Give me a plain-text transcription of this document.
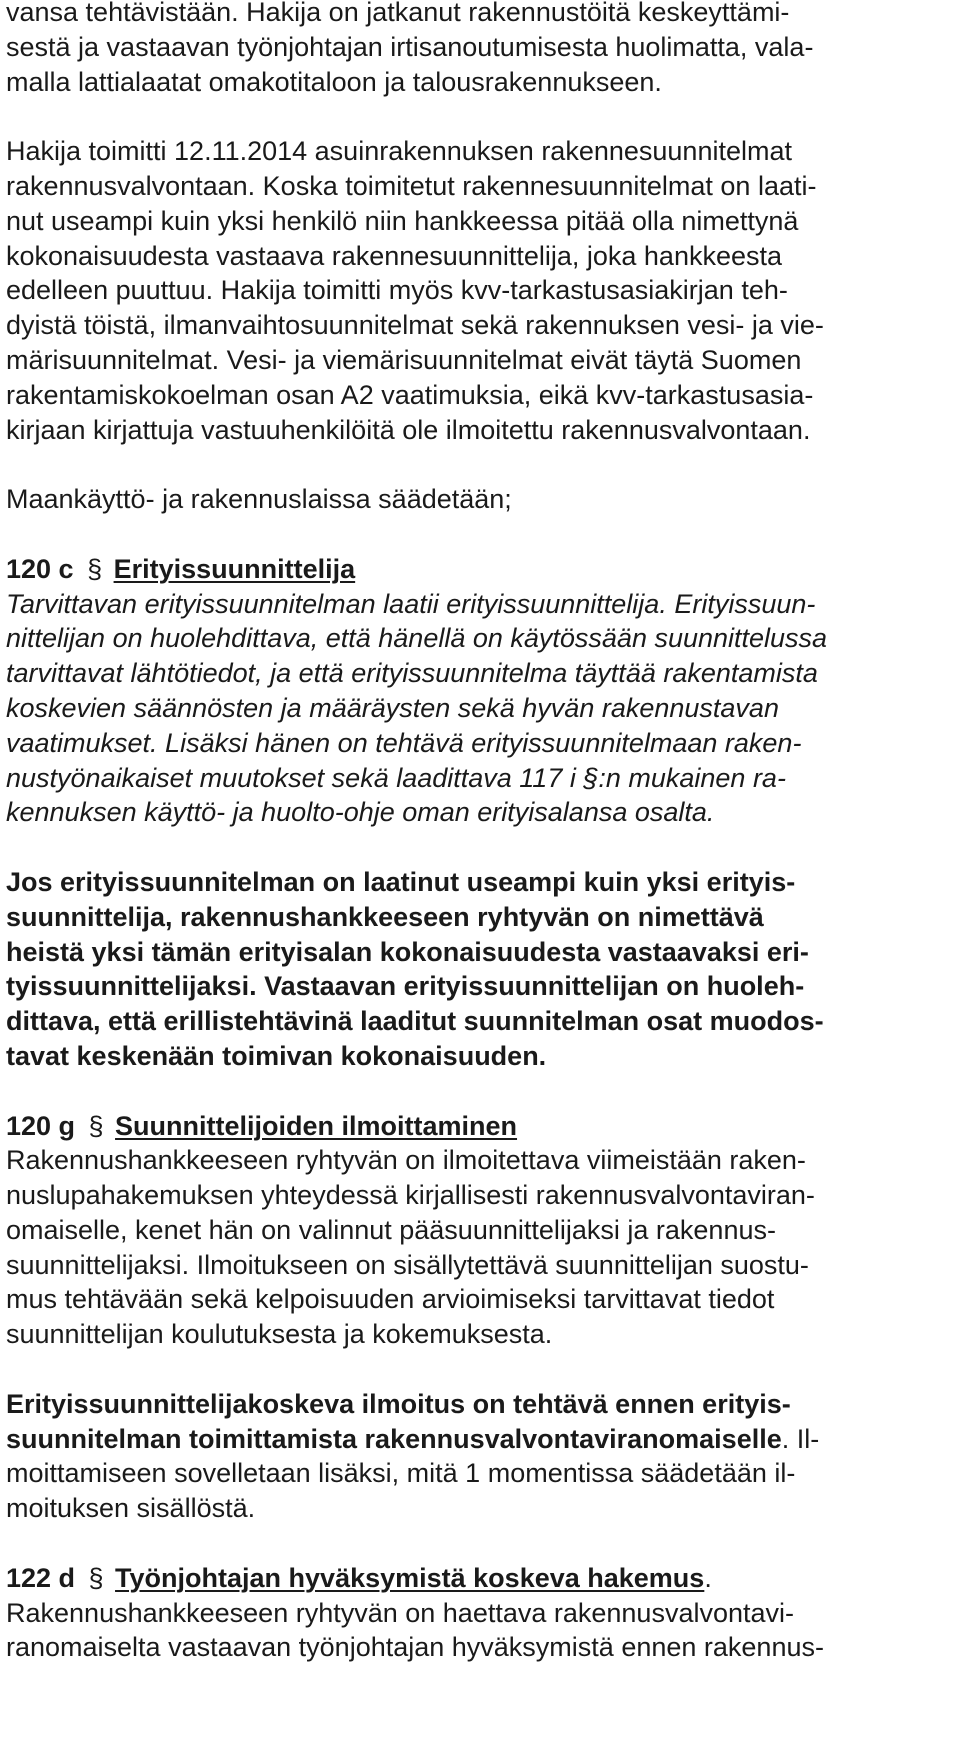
vansa tehtävistään. Hakija on jatkanut rakennustöitä keskeyttämi-
sestä ja vastaavan työnjohtajan irtisanoutumisesta huolimatta, vala-
malla lattialaatat omakotitaloon ja talousrakennukseen.
Hakija toimitti 12.11.2014 asuinrakennuksen rakennesuunnitelmat
rakennusvalvontaan. Koska toimitetut rakennesuunnitelmat on laati-
nut useampi kuin yksi henkilö niin hankkeessa pitää olla nimettynä
kokonaisuudesta vastaava rakennesuunnittelija, joka hankkeesta
edelleen puuttuu. Hakija toimitti myös kvv-tarkastusasiakirjan teh-
dyistä töistä, ilmanvaihtosuunnitelmat sekä rakennuksen vesi- ja vie-
märisuunnitelmat. Vesi- ja viemärisuunnitelmat eivät täytä Suomen
rakentamiskokoelman osan A2 vaatimuksia, eikä kvv-tarkastusasia-
kirjaan kirjattuja vastuuhenkilöitä ole ilmoitettu rakennusvalvontaan.
Maankäyttö- ja rakennuslaissa säädetään;
120 c § Erityissuunnittelija
Tarvittavan erityissuunnitelman laatii erityissuunnittelija. Erityissuun-
nittelijan on huolehdittava, että hänellä on käytössään suunnittelussa
tarvittavat lähtötiedot, ja että erityissuunnitelma täyttää rakentamista
koskevien säännösten ja määräysten sekä hyvän rakennustavan
vaatimukset. Lisäksi hänen on tehtävä erityissuunnitelmaan raken-
nustyönaikaiset muutokset sekä laadittava 117 i §:n mukainen ra-
kennuksen käyttö- ja huolto-ohje oman erityisalansa osalta.
Jos erityissuunnitelman on laatinut useampi kuin yksi erityis-
suunnittelija, rakennushankkeeseen ryhtyvän on nimettävä
heistä yksi tämän erityisalan kokonaisuudesta vastaavaksi eri-
tyissuunnittelijaksi. Vastaavan erityissuunnittelijan on huoleh-
dittava, että erillistehtävinä laaditut suunnitelman osat muodos-
tavat keskenään toimivan kokonaisuuden.
120 g § Suunnittelijoiden ilmoittaminen
Rakennushankkeeseen ryhtyvän on ilmoitettava viimeistään raken-
nuslupahakemuksen yhteydessä kirjallisesti rakennusvalvontaviran-
omaiselle, kenet hän on valinnut pääsuunnittelijaksi ja rakennus-
suunnittelijaksi. Ilmoitukseen on sisällytettävä suunnittelijan suostu-
mus tehtävään sekä kelpoisuuden arvioimiseksi tarvittavat tiedot
suunnittelijan koulutuksesta ja kokemuksesta.
Erityissuunnittelijakoskeva ilmoitus on tehtävä ennen erityis-
suunnitelman toimittamista rakennusvalvontaviranomaiselle. Il-
moittamiseen sovelletaan lisäksi, mitä 1 momentissa säädetään il-
moituksen sisällöstä.
122 d § Työnjohtajan hyväksymistä koskeva hakemus.
Rakennushankkeeseen ryhtyvän on haettava rakennusvalvontavi-
ranomaiselta vastaavan työnjohtajan hyväksymistä ennen rakennus-
